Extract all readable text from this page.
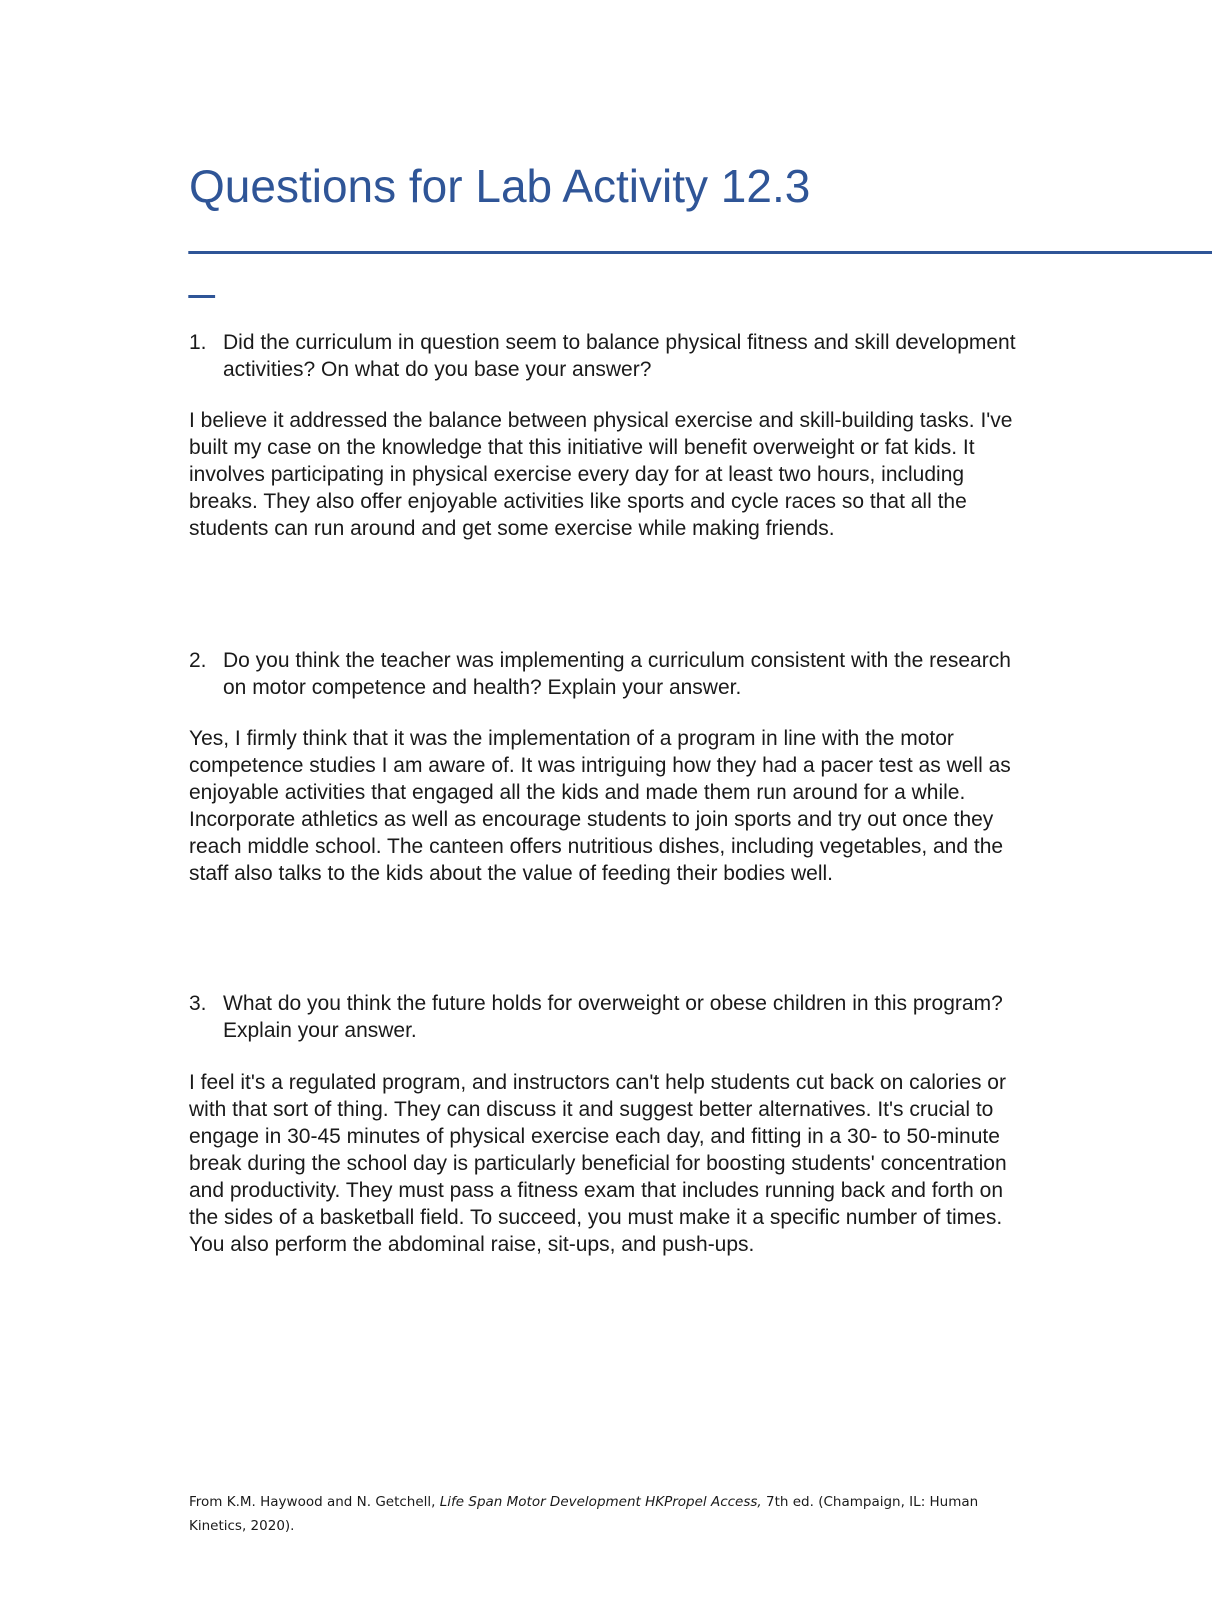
Questions for Lab Activity 12.3
________________________________________
_
1. Did the curriculum in question seem to balance physical fitness and skill development activities? On what do you base your answer?

I believe it addressed the balance between physical exercise and skill-building tasks. I've built my case on the knowledge that this initiative will benefit overweight or fat kids. It involves participating in physical exercise every day for at least two hours, including breaks. They also offer enjoyable activities like sports and cycle races so that all the students can run around and get some exercise while making friends.

2. Do you think the teacher was implementing a curriculum consistent with the research on motor competence and health? Explain your answer.

Yes, I firmly think that it was the implementation of a program in line with the motor competence studies I am aware of. It was intriguing how they had a pacer test as well as enjoyable activities that engaged all the kids and made them run around for a while. Incorporate athletics as well as encourage students to join sports and try out once they reach middle school. The canteen offers nutritious dishes, including vegetables, and the staff also talks to the kids about the value of feeding their bodies well.

3. What do you think the future holds for overweight or obese children in this program? Explain your answer.

I feel it's a regulated program, and instructors can't help students cut back on calories or with that sort of thing. They can discuss it and suggest better alternatives. It's crucial to engage in 30-45 minutes of physical exercise each day, and fitting in a 30- to 50-minute break during the school day is particularly beneficial for boosting students' concentration and productivity. They must pass a fitness exam that includes running back and forth on the sides of a basketball field. To succeed, you must make it a specific number of times. You also perform the abdominal raise, sit-ups, and push-ups.

From K.M. Haywood and N. Getchell, Life Span Motor Development HKPropel Access, 7th ed. (Champaign, IL: Human Kinetics, 2020).
